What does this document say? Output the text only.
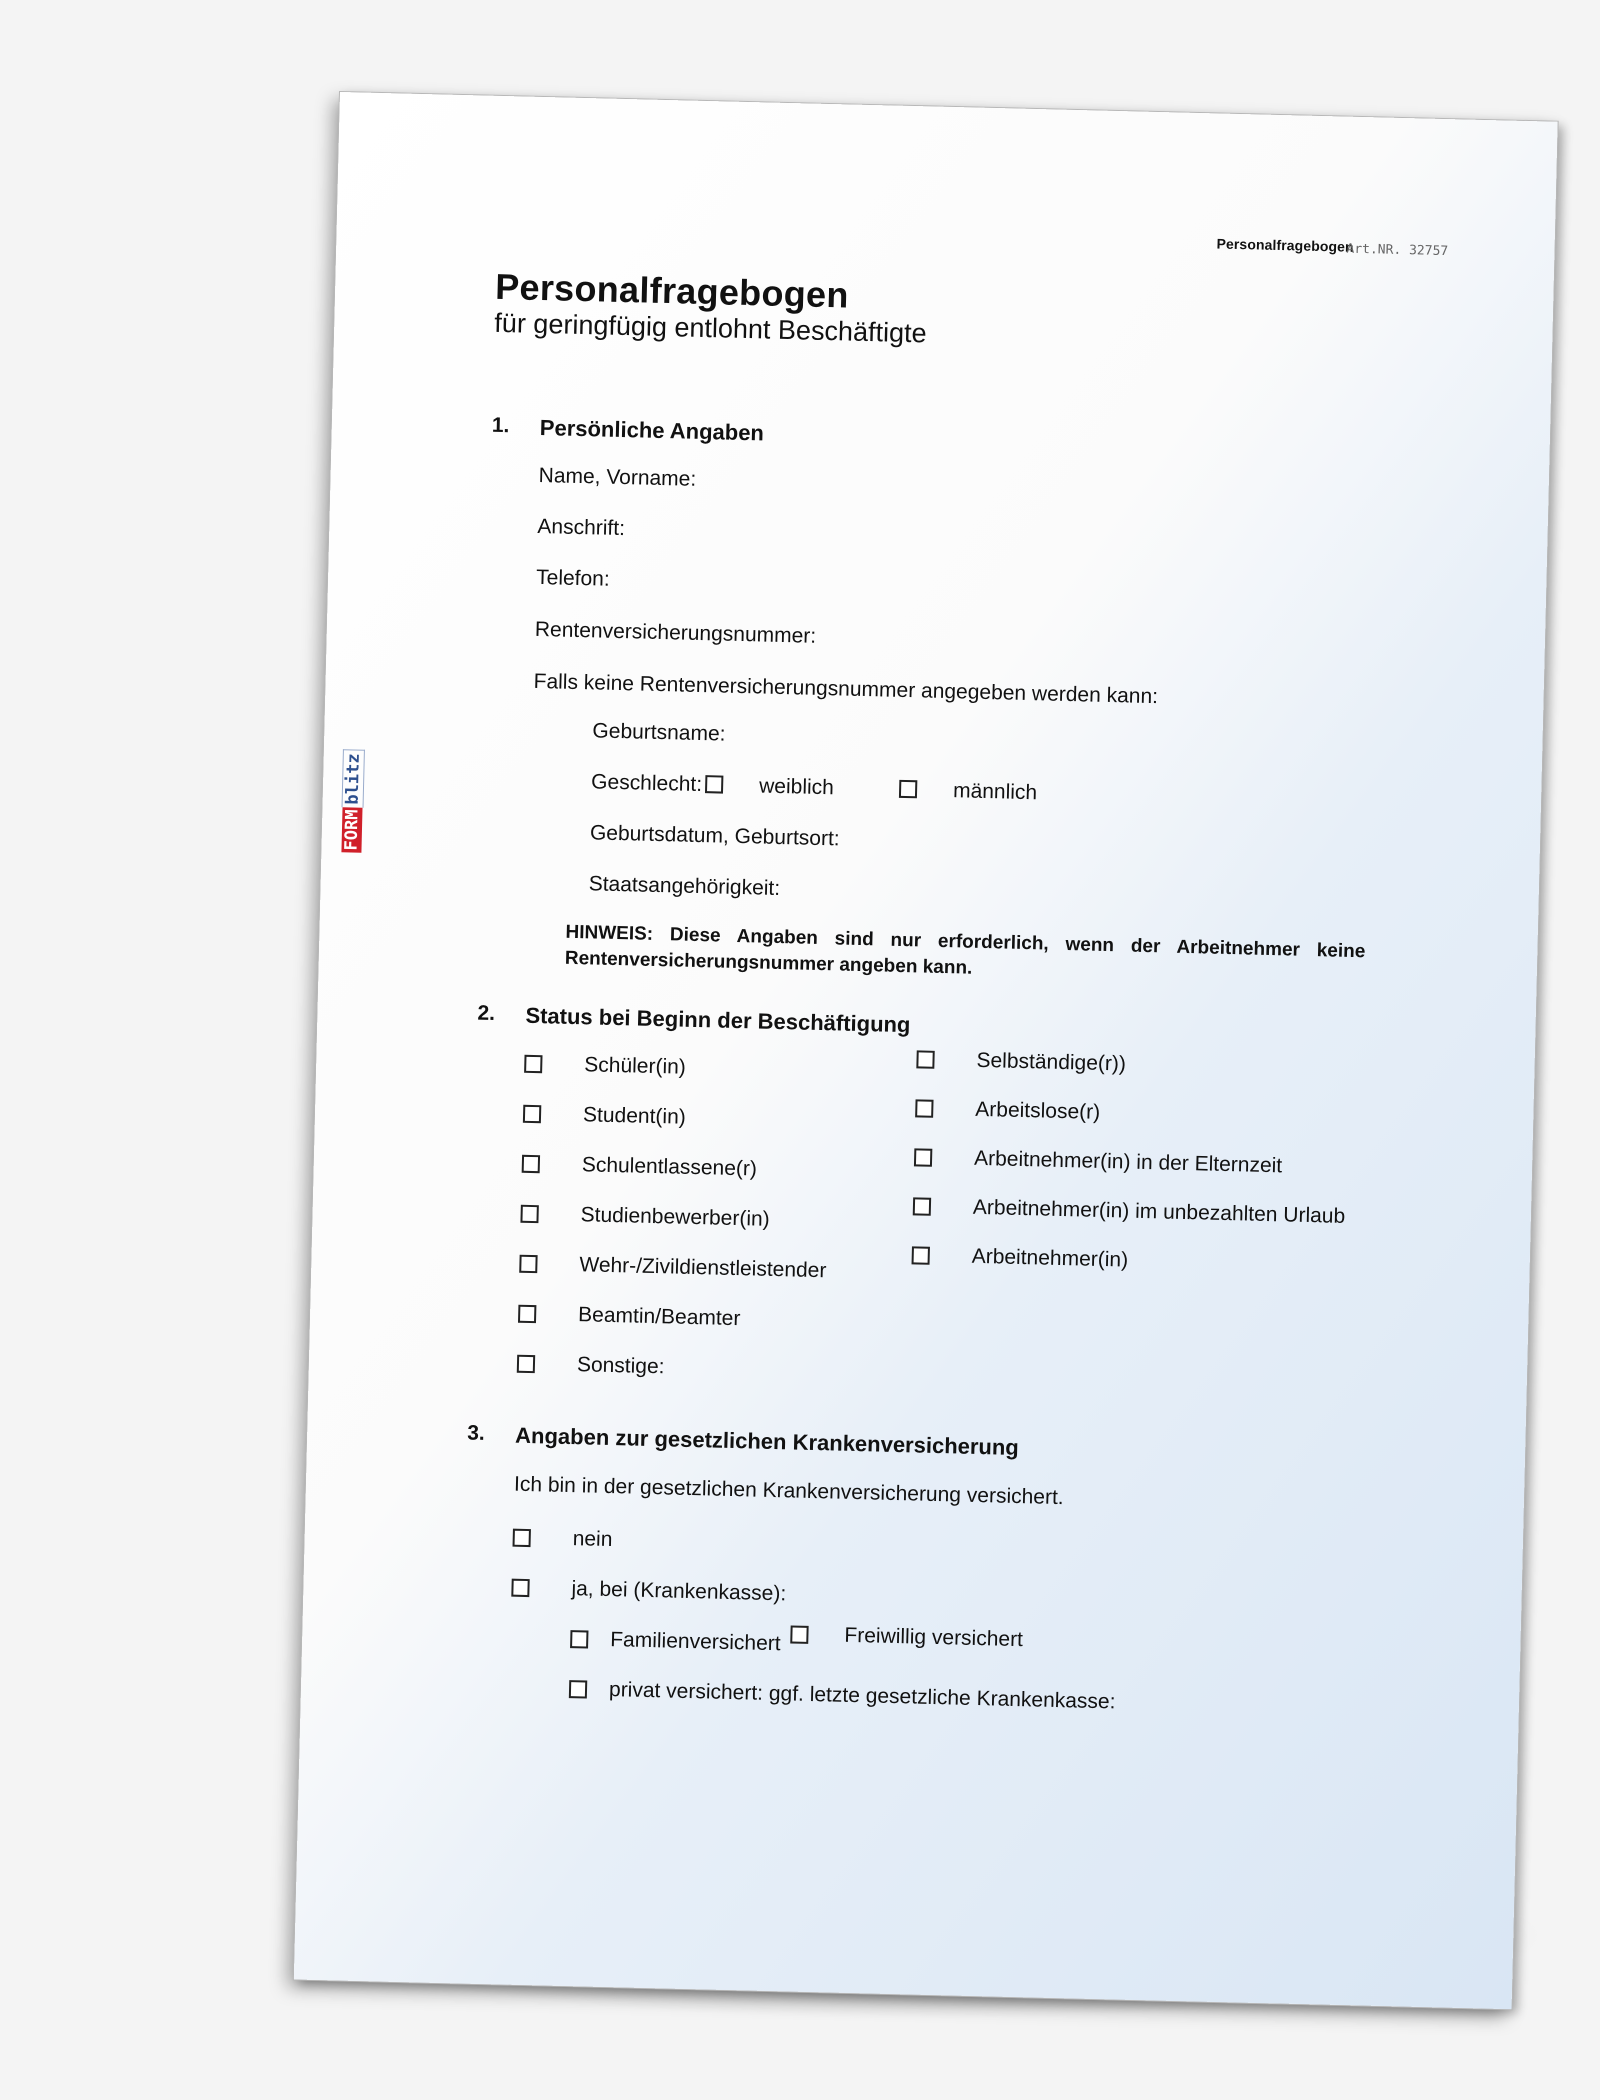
Personalfragebogen
Art.NR. 32757
Personalfragebogen
für geringfügig entlohnt Beschäftigte
FORMblitz
1. Persönliche Angaben
Name, Vorname:
Anschrift:
Telefon:
Rentenversicherungsnummer:
Falls keine Rentenversicherungsnummer angegeben werden kann:
Geburtsname:
Geschlecht:	weiblich	männlich
Geburtsdatum, Geburtsort:
Staatsangehörigkeit:
HINWEIS: Diese Angaben sind nur erforderlich, wenn der Arbeitnehmer keine Rentenversicherungsnummer angeben kann.
2. Status bei Beginn der Beschäftigung
Schüler(in)
Student(in)
Schulentlassene(r)
Studienbewerber(in)
Wehr-/Zivildienstleistender
Beamtin/Beamter
Sonstige:
Selbständige(r))
Arbeitslose(r)
Arbeitnehmer(in) in der Elternzeit
Arbeitnehmer(in) im unbezahlten Urlaub
Arbeitnehmer(in)
3. Angaben zur gesetzlichen Krankenversicherung
Ich bin in der gesetzlichen Krankenversicherung versichert.
nein
ja, bei (Krankenkasse):
Familienversichert	Freiwillig versichert
privat versichert: ggf. letzte gesetzliche Krankenkasse:
